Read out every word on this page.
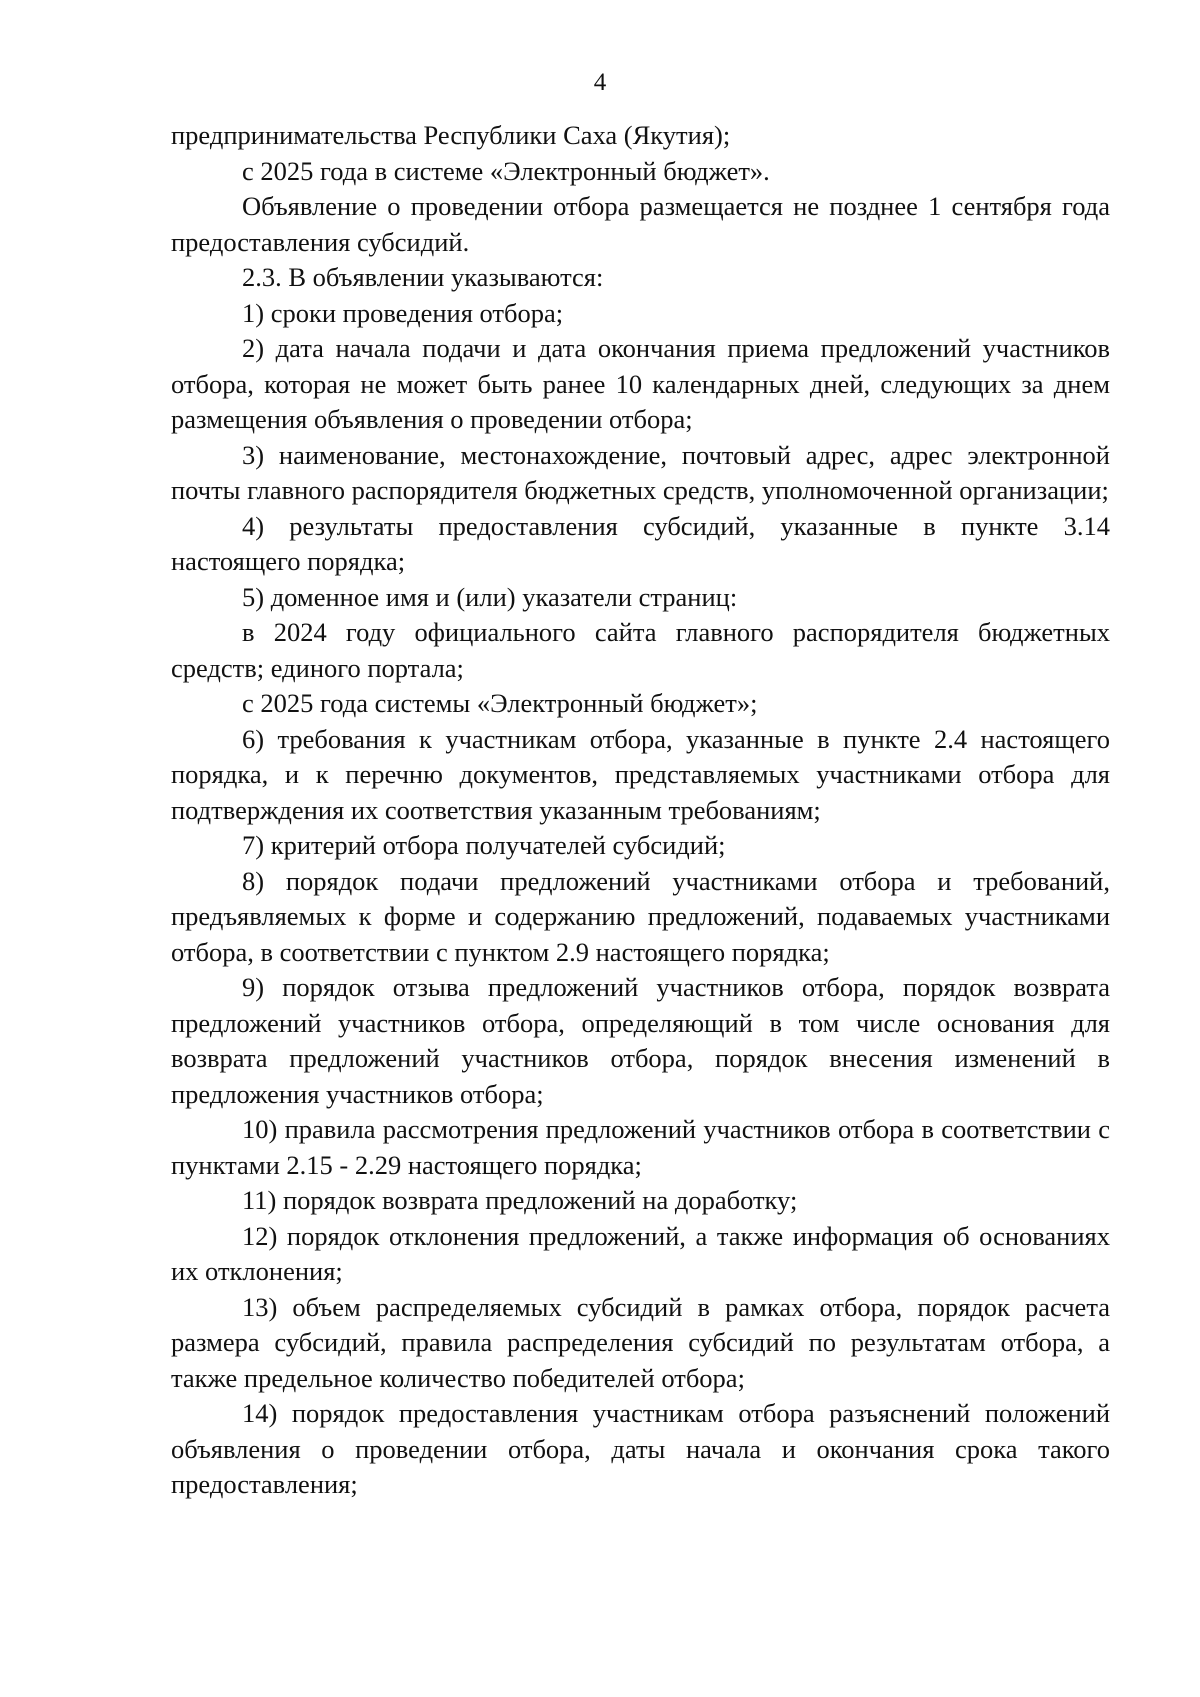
4

предпринимательства Республики Саха (Якутия);

с 2025 года в системе «Электронный бюджет».

Объявление о проведении отбора размещается не позднее 1 сентября года предоставления субсидий.

2.3. В объявлении указываются:

1) сроки проведения отбора;

2) дата начала подачи и дата окончания приема предложений участников отбора, которая не может быть ранее 10 календарных дней, следующих за днем размещения объявления о проведении отбора;

3) наименование, местонахождение, почтовый адрес, адрес электронной почты главного распорядителя бюджетных средств, уполномоченной организации;

4) результаты предоставления субсидий, указанные в пункте 3.14 настоящего порядка;

5) доменное имя и (или) указатели страниц:

в 2024 году официального сайта главного распорядителя бюджетных средств; единого портала;

с 2025 года системы «Электронный бюджет»;

6) требования к участникам отбора, указанные в пункте 2.4 настоящего порядка, и к перечню документов, представляемых участниками отбора для подтверждения их соответствия указанным требованиям;

7) критерий отбора получателей субсидий;

8) порядок подачи предложений участниками отбора и требований, предъявляемых к форме и содержанию предложений, подаваемых участниками отбора, в соответствии с пунктом 2.9 настоящего порядка;

9) порядок отзыва предложений участников отбора, порядок возврата предложений участников отбора, определяющий в том числе основания для возврата предложений участников отбора, порядок внесения изменений в предложения участников отбора;

10) правила рассмотрения предложений участников отбора в соответствии с пунктами 2.15 - 2.29 настоящего порядка;

11) порядок возврата предложений на доработку;

12) порядок отклонения предложений, а также информация об основаниях их отклонения;

13) объем распределяемых субсидий в рамках отбора, порядок расчета размера субсидий, правила распределения субсидий по результатам отбора, а также предельное количество победителей отбора;

14) порядок предоставления участникам отбора разъяснений положений объявления о проведении отбора, даты начала и окончания срока такого предоставления;
